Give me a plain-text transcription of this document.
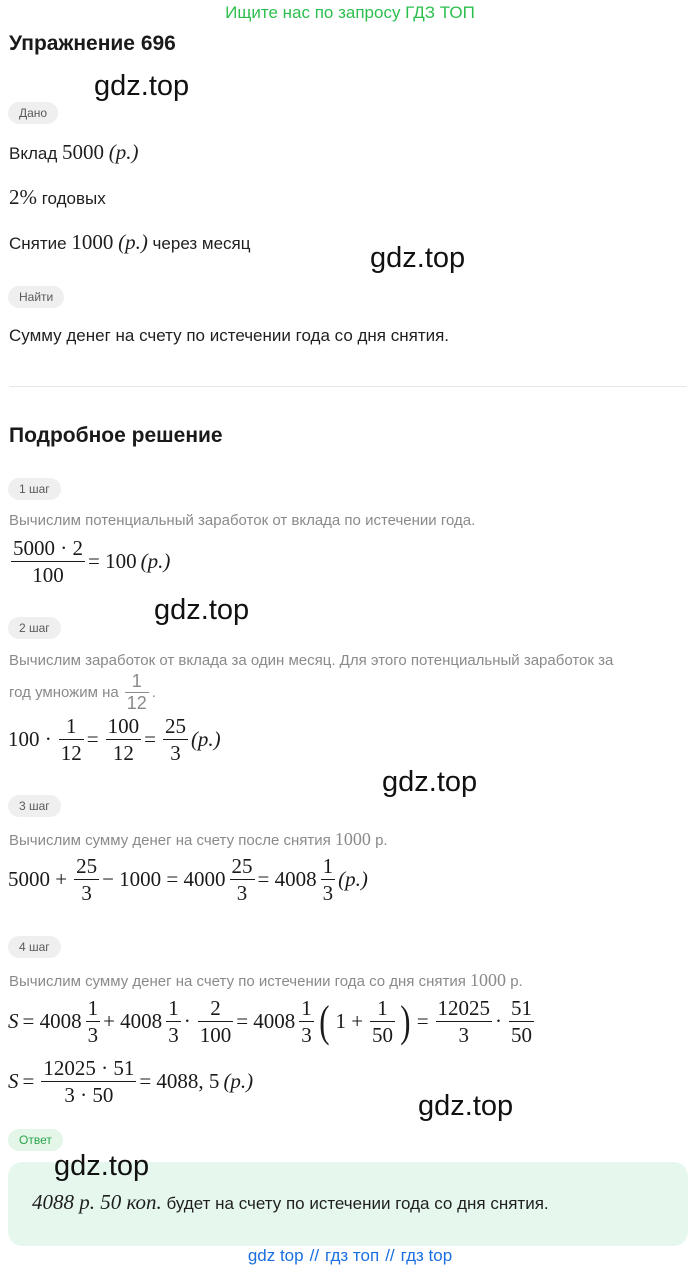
Ищите нас по запросу ГДЗ ТОП
Упражнение 696
gdz.top
gdz.top
gdz.top
gdz.top
gdz.top
Дано
Вклад 5000 (р.)
2% годовых
Снятие 1000 (р.) через месяц
Найти
Сумму денег на счету по истечении года со дня снятия.
Подробное решение
1 шаг
Вычислим потенциальный заработок от вклада по истечении года.
$\frac{5000 \cdot 2}{100} = 100$ (р.)
2 шаг
Вычислим заработок от вклада за один месяц. Для этого потенциальный заработок за
год умножим на $\frac{1}{12}$ .
$100 \cdot \frac{1}{12} = \frac{100}{12} = \frac{25}{3} (р.)$
3 шаг
Вычислим сумму денег на счету после снятия 1000 р.
$5000 + \frac{25}{3} - 1000 = 4000 \frac{25}{3} = 4008 \frac{1}{3} (р.)$
4 шаг
Вычислим сумму денег на счету по истечении года со дня снятия 1000 р.
$S = 4008 \frac{1}{3} + 4008 \frac{1}{3} \cdot \frac{2}{100} = 4008 \frac{1}{3}$ ( $1 + \frac{1}{50}$ ) = $\frac{12025}{3} \cdot \frac{51}{50}$
$S = \frac{12025 \cdot 51}{3 \cdot 50} = 4088$, 5 (р.)
Ответ
gdz.top
4088 р. 50 коп. будет на счету по истечении года со дня снятия.
gdz top // гдз топ // гдз top
